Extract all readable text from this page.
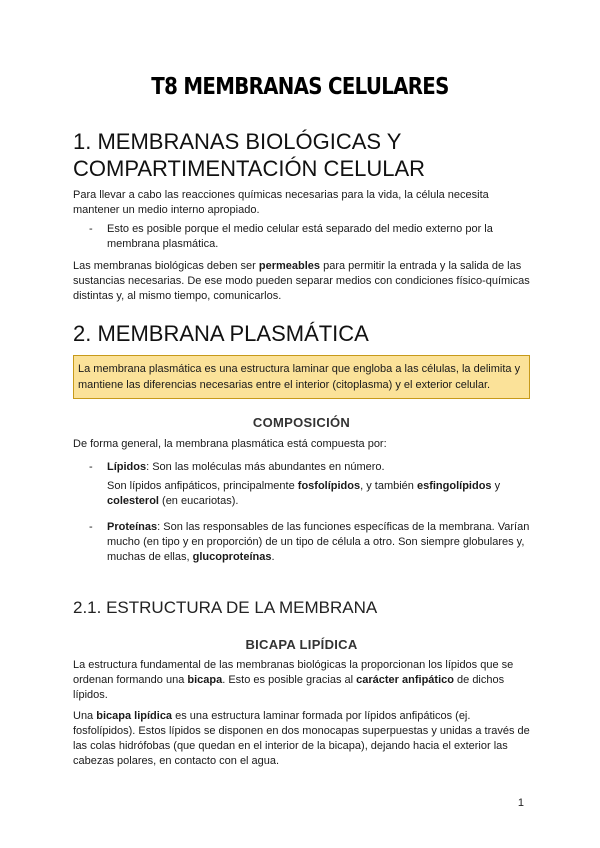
T8 MEMBRANAS CELULARES
1. MEMBRANAS BIOLÓGICAS Y
COMPARTIMENTACIÓN CELULAR

Para llevar a cabo las reacciones químicas necesarias para la vida, la célula necesita mantener un medio interno apropiado.

-	Esto es posible porque el medio celular está separado del medio externo por la membrana plasmática.

Las membranas biológicas deben ser permeables para permitir la entrada y la salida de las sustancias necesarias. De ese modo pueden separar medios con condiciones físico-químicas distintas y, al mismo tiempo, comunicarlos.

2. MEMBRANA PLASMÁTICA
La membrana plasmática es una estructura laminar que engloba a las células, la delimita y mantiene las diferencias necesarias entre el interior (citoplasma) y el exterior celular.
COMPOSICIÓN

De forma general, la membrana plasmática está compuesta por:

-	Lípidos: Son las moléculas más abundantes en número.
Son lípidos anfipáticos, principalmente fosfolípidos, y también esfingolípidos y colesterol (en eucariotas).
-	Proteínas: Son las responsables de las funciones específicas de la membrana. Varían mucho (en tipo y en proporción) de un tipo de célula a otro. Son siempre globulares y, muchas de ellas, glucoproteínas.
2.1. ESTRUCTURA DE LA MEMBRANA
BICAPA LIPÍDICA

La estructura fundamental de las membranas biológicas la proporcionan los lípidos que se ordenan formando una bicapa. Esto es posible gracias al carácter anfipático de dichos lípidos.

Una bicapa lipídica es una estructura laminar formada por lípidos anfipáticos (ej. fosfolípidos). Estos lípidos se disponen en dos monocapas superpuestas y unidas a través de las colas hidrófobas (que quedan en el interior de la bicapa), dejando hacia el exterior las cabezas polares, en contacto con el agua.

1
